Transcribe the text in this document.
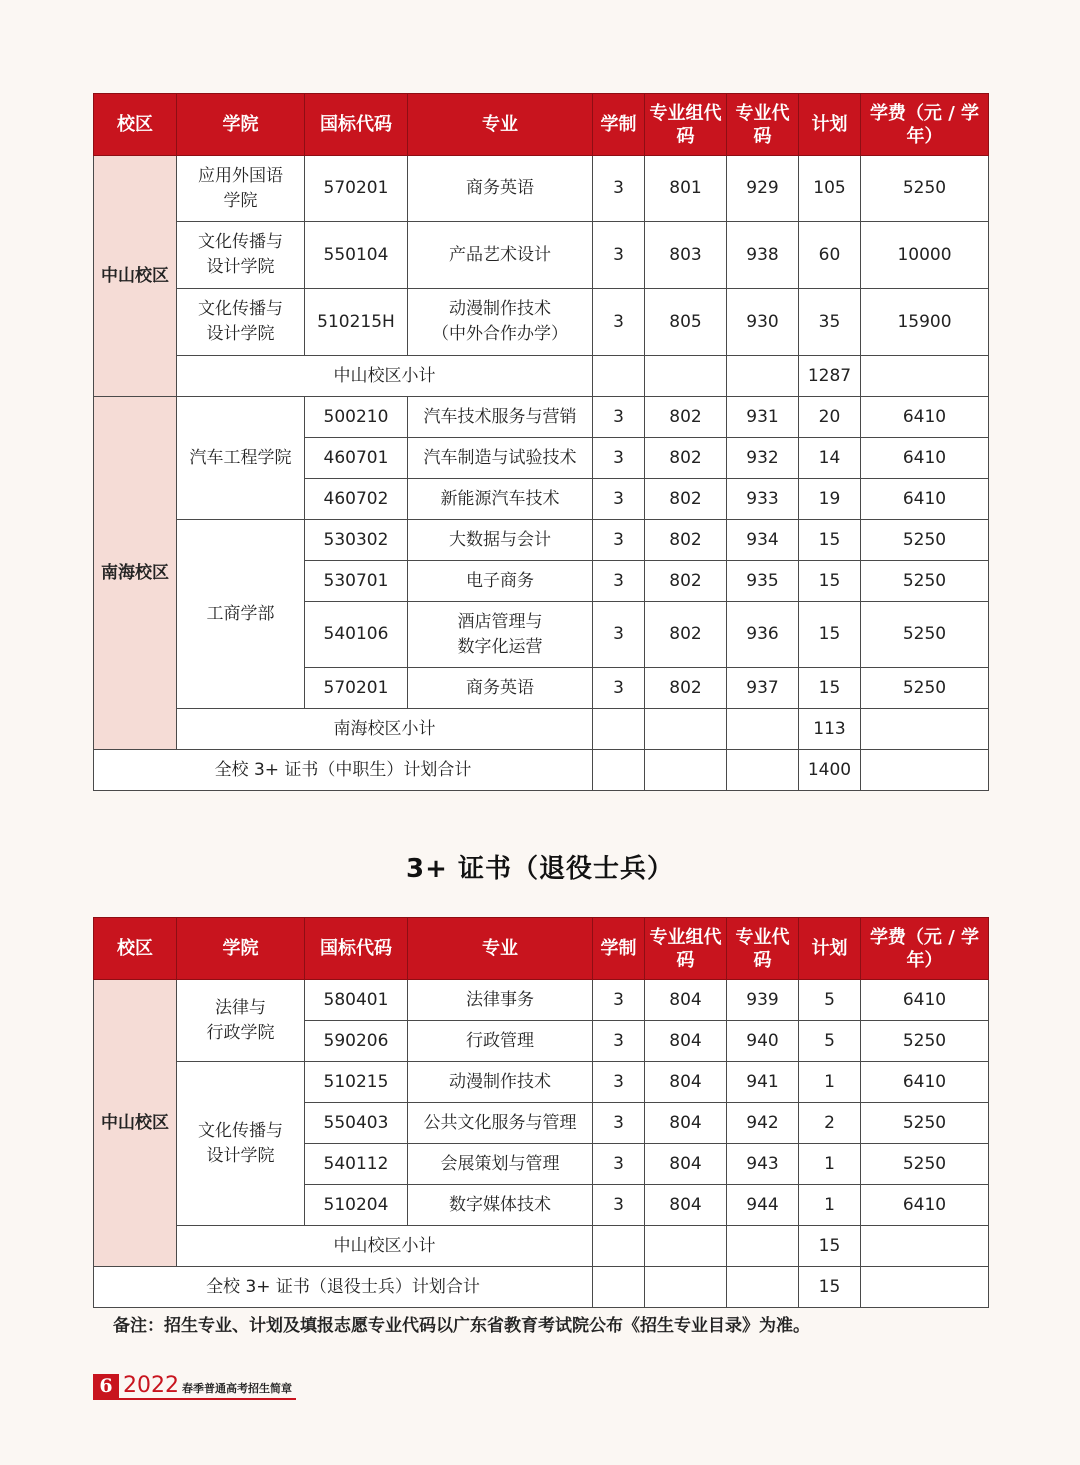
校区	学院	国标代码	专业	学制	专业组代码	专业代码	计划	学费（元 / 学年）
中山校区	应用外国语
学院	570201	商务英语	3	801	929	105	5250

	文化传播与
设计学院	550104	产品艺术设计	3	803	938	60	10000

	文化传播与
设计学院	510215H	动漫制作技术
（中外合作办学）	3	805	930	35	15900
	中山校区小计						1287	
南海校区	汽车工程学院	500210	汽车技术服务与营销	3	802	931	20	6410
		460701	汽车制造与试验技术	3	802	932	14	6410
		460702	新能源汽车技术	3	802	933	19	6410
	工商学部	530302	大数据与会计	3	802	934	15	5250
		530701	电子商务	3	802	935	15	5250
		540106	酒店管理与
数字化运营	3	802	936	15	5250
		570201	商务英语	3	802	937	15	5250
	南海校区小计						113	
全校 3+ 证书（中职生）计划合计							1400	
3+ 证书（退役士兵）
校区	学院	国标代码	专业	学制	专业组代码	专业代码	计划	学费（元 / 学年）
中山校区	法律与
行政学院	580401	法律事务	3	804	939	5	6410
		590206	行政管理	3	804	940	5	5250

	文化传播与
设计学院	510215	动漫制作技术	3	804	941	1	6410
		550403	公共文化服务与管理	3	804	942	2	5250
		540112	会展策划与管理	3	804	943	1	5250
		510204	数字媒体技术	3	804	944	1	6410
	中山校区小计						15	
全校 3+ 证书（退役士兵）计划合计							15	
备注：招生专业、计划及填报志愿专业代码以广东省教育考试院公布《招生专业目录》为准。
6 2022 春季普通高考招生简章
